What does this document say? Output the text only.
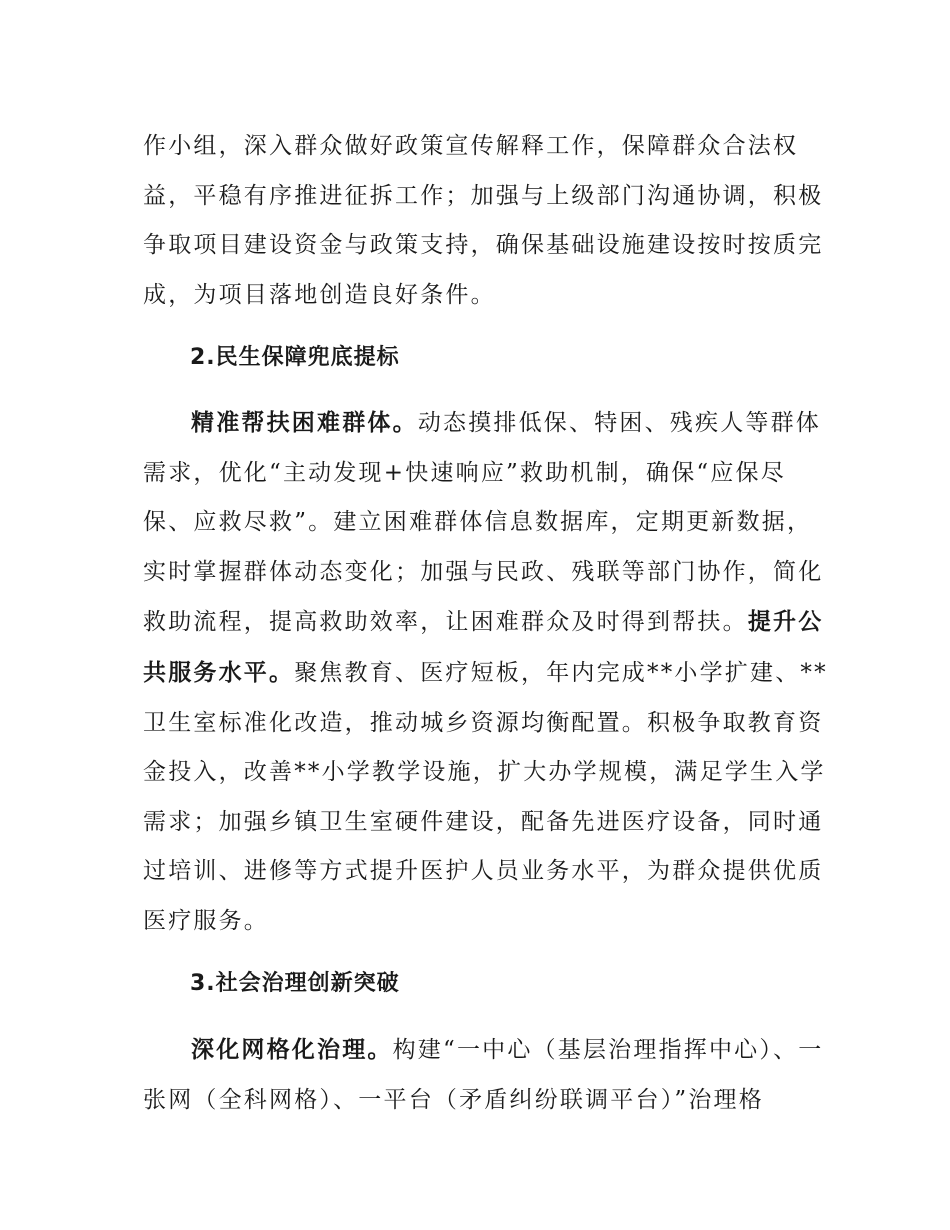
作小组，深入群众做好政策宣传解释工作，保障群众合法权益，平稳有序推进征拆工作；加强与上级部门沟通协调，积极争取项目建设资金与政策支持，确保基础设施建设按时按质完成，为项目落地创造良好条件。

2.民生保障兜底提标

精准帮扶困难群体。动态摸排低保、特困、残疾人等群体需求，优化“主动发现+快速响应”救助机制，确保“应保尽保、应救尽救”。建立困难群体信息数据库，定期更新数据，实时掌握群体动态变化；加强与民政、残联等部门协作，简化救助流程，提高救助效率，让困难群众及时得到帮扶。提升公共服务水平。聚焦教育、医疗短板，年内完成**小学扩建、**卫生室标准化改造，推动城乡资源均衡配置。积极争取教育资金投入，改善**小学教学设施，扩大办学规模，满足学生入学需求；加强乡镇卫生室硬件建设，配备先进医疗设备，同时通过培训、进修等方式提升医护人员业务水平，为群众提供优质医疗服务。

3.社会治理创新突破

深化网格化治理。构建“一中心（基层治理指挥中心）、一张网（全科网格）、一平台（矛盾纠纷联调平台）”治理格
